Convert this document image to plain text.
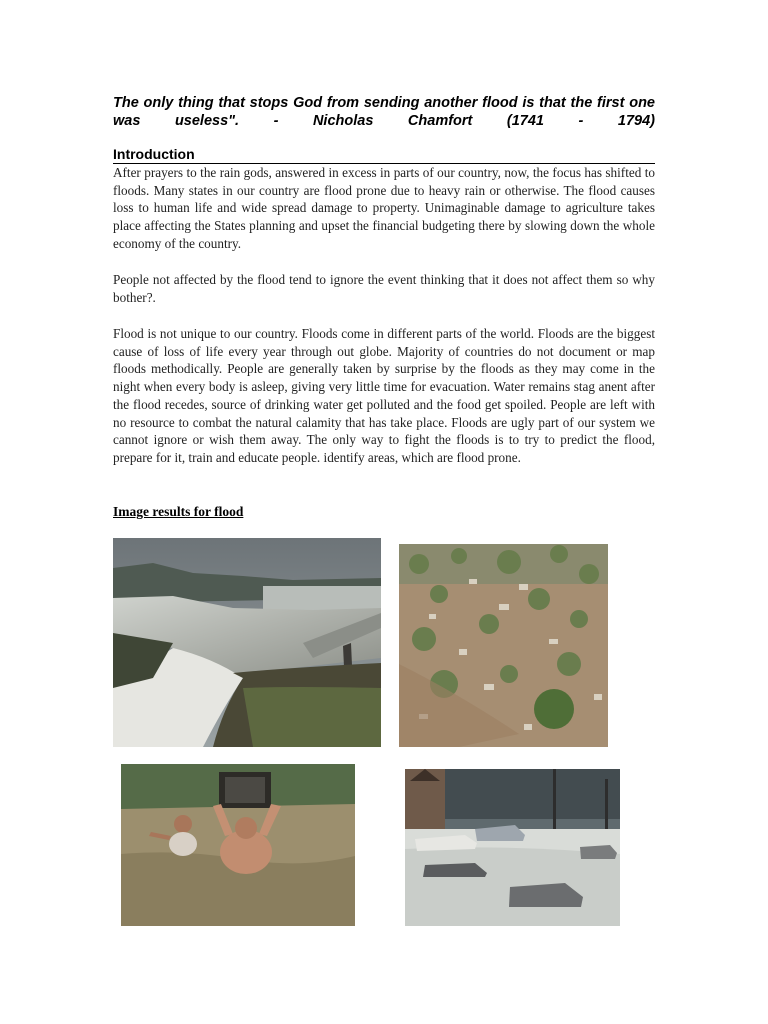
The only thing that stops God from sending another flood is that the first one was useless". - Nicholas Chamfort (1741 - 1794)
Introduction

After prayers to the rain gods, answered in excess in parts of our country, now, the focus has shifted to floods. Many states in our country are flood prone due to heavy rain or otherwise. The flood causes loss to human life and wide spread damage to property. Unimaginable damage to agriculture takes place affecting the States planning and upset the financial budgeting there by slowing down the whole economy of the country.

People not affected by the flood tend to ignore the event thinking that it does not affect them so why bother?.

Flood is not unique to our country. Floods come in different parts of the world. Floods are the biggest cause of loss of life every year through out globe. Majority of countries do not document or map floods methodically. People are generally taken by surprise by the floods as they may come in the night when every body is asleep, giving very little time for evacuation. Water remains stag anent after the flood recedes, source of drinking water get polluted and the food get spoiled. People are left with no resource to combat the natural calamity that has take place. Floods are ugly part of our system we cannot ignore or wish them away. The only way to fight the floods is to try to predict the flood, prepare for it, train and educate people. identify areas, which are flood prone.

Image results for flood
